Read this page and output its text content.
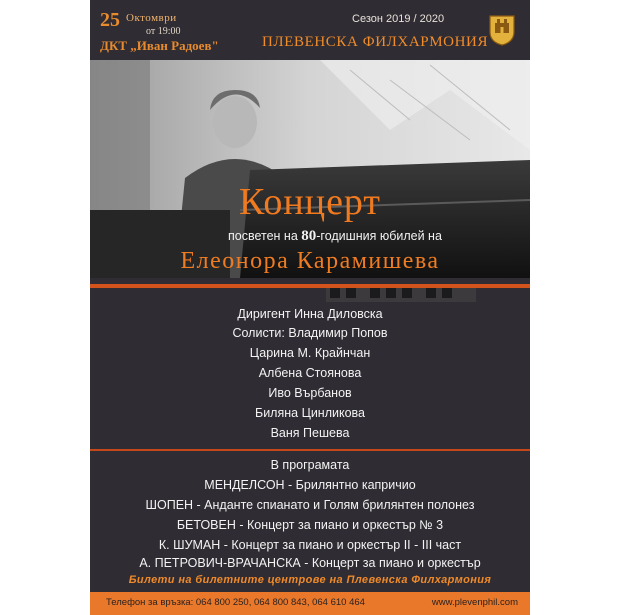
25 Октомври
от 19:00
ДКТ „Иван Радоев"
Сезон 2019 / 2020
ПЛЕВЕНСКА ФИЛХАРМОНИЯ
Концерт
посветен на 80-годишния юбилей на
Елеонора Карамишева
Диригент Инна Диловска
Солисти: Владимир Попов
Царина М. Крайнчан
Албена Стоянова
Иво Върбанов
Биляна Цинликова
Ваня Пешева
В програмата
МЕНДЕЛСОН - Брилянтно капричио
ШОПЕН - Анданте спианато и Голям брилянтен полонез
БЕТОВЕН - Концерт за пиано и оркестър № 3
К. ШУМАН - Концерт за пиано и оркестър II - III част
А. ПЕТРОВИЧ-ВРАЧАНСКА - Концерт за пиано и оркестър
Билети на билетните центрове на Плевенска Филхармония
Телефон за връзка: 064 800 250, 064 800 843, 064 610 464	www.plevenphil.com
